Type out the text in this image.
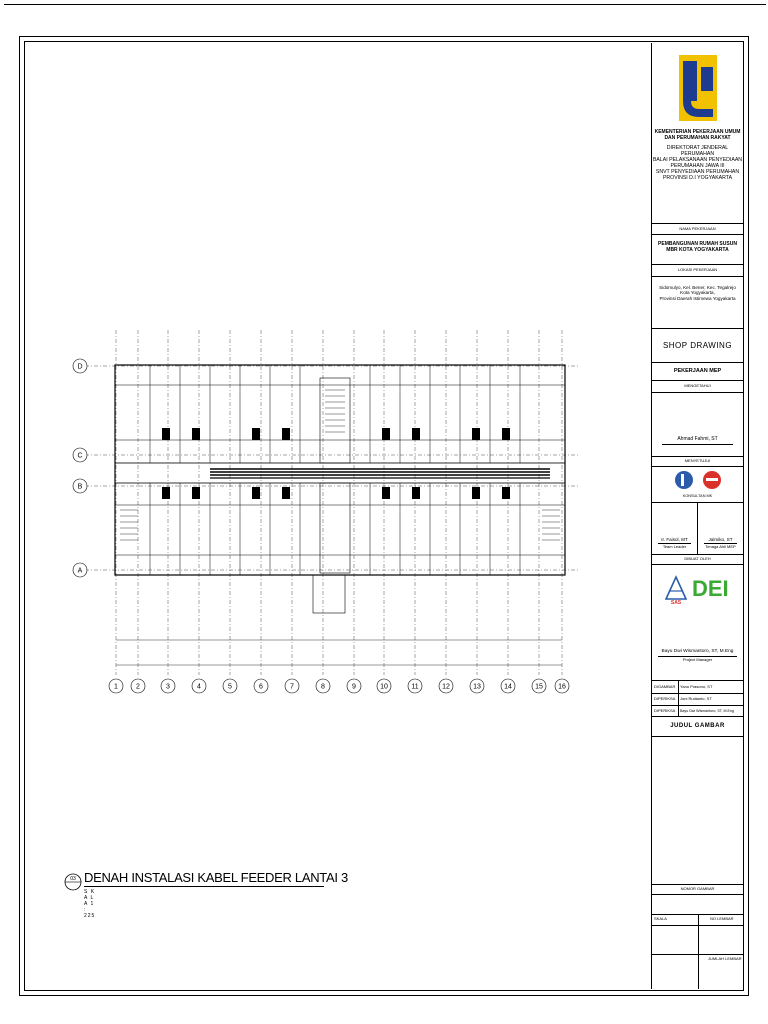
1	2	3	4	5	6	7	8	9	10	11	12	13	14	15 16
D
C
B
A
03 DENAH INSTALASI KABEL FEEDER LANTAI 3
S K A L A 1 : 225
KEMENTERIAN PEKERJAAN UMUM DAN PERUMAHAN RAKYAT
DIREKTORAT JENDERAL PERUMAHAN
BALAI PELAKSANAAN PENYEDIAAN
PERUMAHAN JAWA III
SNVT PENYEDIAAN PERUMAHAN
PROVINSI D.I YOGYAKARTA
NAMA PEKERJAAN
PEMBANGUNAN RUMAH SUSUN MBR KOTA YOGYAKARTA
LOKASI PEKERJAAN
Sidomulyo, Kel. Bener, Kec. Tegalrejo
Kota Yogyakarta,
Provinsi Daerah Istimewa Yogyakarta
SHOP DRAWING
PEKERJAAN MEP
MENGETAHUI
Ahmad Fahmi, ST
MENYETUJUI
KONSULTAN MK
Ir. Faisol, MT
Team Leader
Jalmiko, ST
Tenaga Ahli MEP
DIBUAT OLEH
SAS
DEI
Bayu Dwi Wismantoro, ST, M.Eng
Project Manager
DIGAMBAR Yanu Prasono, ST
DIPERIKSA Joni Rudianto, ST
DIPERIKSA Bayu Dwi Wismantoro, ST, M.Eng
JUDUL GAMBAR
NOMOR GAMBAR
SKALA	NO LEMBAR
JUMLAH LEMBAR
